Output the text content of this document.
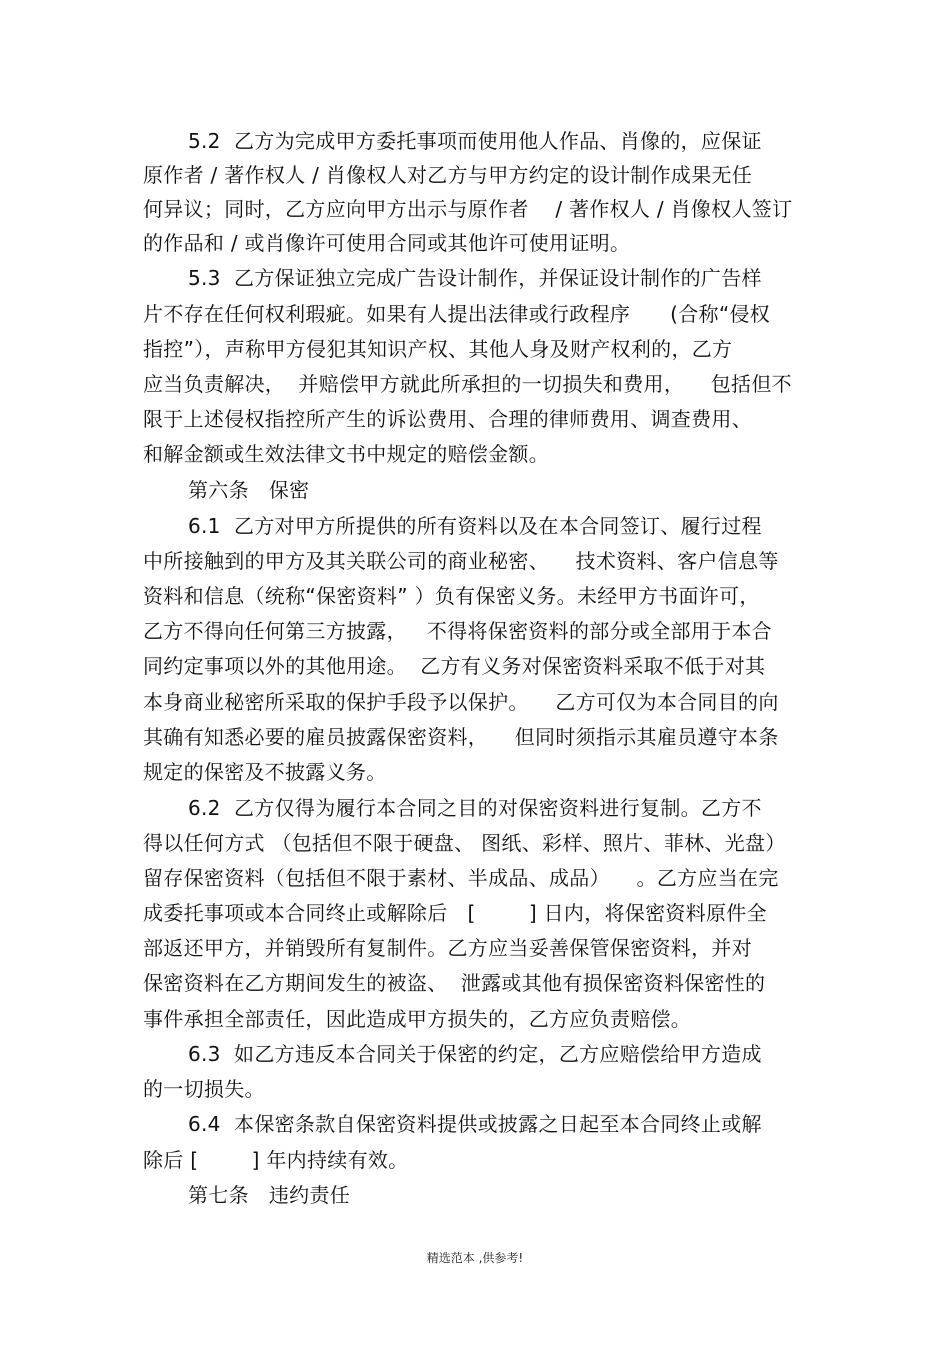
5.2  乙方为完成甲方委托事项而使用他人作品、肖像的，应保证
原作者 / 著作权人 / 肖像权人对乙方与甲方约定的设计制作成果无任
何异议；同时，乙方应向甲方出示与原作者    / 著作权人 / 肖像权人签订
的作品和 / 或肖像许可使用合同或其他许可使用证明。
5.3  乙方保证独立完成广告设计制作，并保证设计制作的广告样
片不存在任何权利瑕疵。如果有人提出法律或行政程序      (合称“侵权
指控”），声称甲方侵犯其知识产权、其他人身及财产权利的，乙方
应当负责解决，  并赔偿甲方就此所承担的一切损失和费用，    包括但不
限于上述侵权指控所产生的诉讼费用、合理的律师费用、调查费用、
和解金额或生效法律文书中规定的赔偿金额。
第六条   保密
6.1  乙方对甲方所提供的所有资料以及在本合同签订、履行过程
中所接触到的甲方及其关联公司的商业秘密、    技术资料、客户信息等
资料和信息（统称“保密资料” ）负有保密义务。未经甲方书面许可，
乙方不得向任何第三方披露，   不得将保密资料的部分或全部用于本合
同约定事项以外的其他用途。  乙方有义务对保密资料采取不低于对其
本身商业秘密所采取的保护手段予以保护。    乙方可仅为本合同目的向
其确有知悉必要的雇员披露保密资料，    但同时须指示其雇员遵守本条
规定的保密及不披露义务。
6.2  乙方仅得为履行本合同之目的对保密资料进行复制。乙方不
得以任何方式 （包括但不限于硬盘、 图纸、彩样、照片、菲林、光盘）
留存保密资料（包括但不限于素材、半成品、成品）    。乙方应当在完
成委托事项或本合同终止或解除后   [        ] 日内，将保密资料原件全
部返还甲方，并销毁所有复制件。乙方应当妥善保管保密资料，并对
保密资料在乙方期间发生的被盗、  泄露或其他有损保密资料保密性的
事件承担全部责任，因此造成甲方损失的，乙方应负责赔偿。
6.3  如乙方违反本合同关于保密的约定，乙方应赔偿给甲方造成
的一切损失。
6.4  本保密条款自保密资料提供或披露之日起至本合同终止或解
除后 [        ] 年内持续有效。
第七条   违约责任
精选范本 ,供参考!
